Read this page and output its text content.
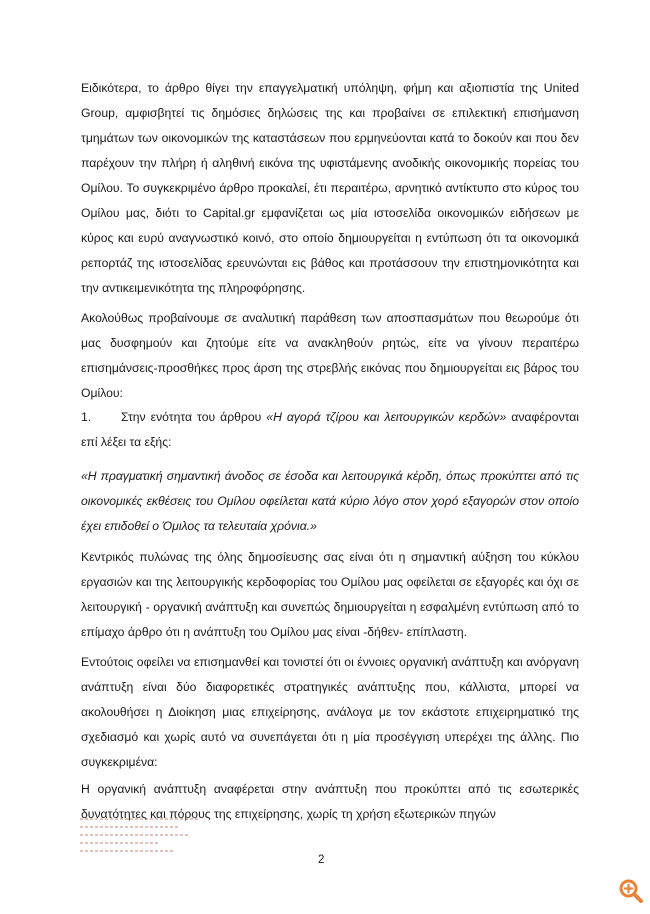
Ειδικότερα, το άρθρο θίγει την επαγγελματική υπόληψη, φήμη και αξιοπιστία της United Group, αμφισβητεί τις δημόσιες δηλώσεις της και προβαίνει σε επιλεκτική επισήμανση τμημάτων των οικονομικών της καταστάσεων που ερμηνεύονται κατά το δοκούν και που δεν παρέχουν την πλήρη ή αληθινή εικόνα της υφιστάμενης ανοδικής οικονομικής πορείας του Ομίλου. Το συγκεκριμένο άρθρο προκαλεί, έτι περαιτέρω, αρνητικό αντίκτυπο στο κύρος του Ομίλου μας, διότι το Capital.gr εμφανίζεται ως μία ιστοσελίδα οικονομικών ειδήσεων με κύρος και ευρύ αναγνωστικό κοινό, στο οποίο δημιουργείται η εντύπωση ότι τα οικονομικά ρεπορτάζ της ιστοσελίδας ερευνώνται εις βάθος και προτάσσουν την επιστημονικότητα και την αντικειμενικότητα της πληροφόρησης.

Ακολούθως προβαίνουμε σε αναλυτική παράθεση των αποσπασμάτων που θεωρούμε ότι μας δυσφημούν και ζητούμε είτε να ανακληθούν ρητώς, είτε να γίνουν περαιτέρω επισημάνσεις-προσθήκες προς άρση της στρεβλής εικόνας που δημιουργείται εις βάρος του Ομίλου:

1. Στην ενότητα του άρθρου «Η αγορά τζίρου και λειτουργικών κερδών» αναφέρονται επί λέξει τα εξής:

«Η πραγματική σημαντική άνοδος σε έσοδα και λειτουργικά κέρδη, όπως προκύπτει από τις οικονομικές εκθέσεις του Ομίλου οφείλεται κατά κύριο λόγο στον χορό εξαγορών στον οποίο έχει επιδοθεί ο Όμιλος τα τελευταία χρόνια.»

Κεντρικός πυλώνας της όλης δημοσίευσης σας είναι ότι η σημαντική αύξηση του κύκλου εργασιών και της λειτουργικής κερδοφορίας του Ομίλου μας οφείλεται σε εξαγορές και όχι σε λειτουργική - οργανική ανάπτυξη και συνεπώς δημιουργείται η εσφαλμένη εντύπωση από το επίμαχο άρθρο ότι η ανάπτυξη του Ομίλου μας είναι -δήθεν- επίπλαστη.

Εντούτοις οφείλει να επισημανθεί και τονιστεί ότι οι έννοιες οργανική ανάπτυξη και ανόργανη ανάπτυξη είναι δύο διαφορετικές στρατηγικές ανάπτυξης που, κάλλιστα, μπορεί να ακολουθήσει η Διοίκηση μιας επιχείρησης, ανάλογα με τον εκάστοτε επιχειρηματικό της σχεδιασμό και χωρίς αυτό να συνεπάγεται ότι η μία προσέγγιση υπερέχει της άλλης. Πιο συγκεκριμένα:

Η οργανική ανάπτυξη αναφέρεται στην ανάπτυξη που προκύπτει από τις εσωτερικές δυνατότητες και πόρους της επιχείρησης, χωρίς τη χρήση εξωτερικών πηγών

2
